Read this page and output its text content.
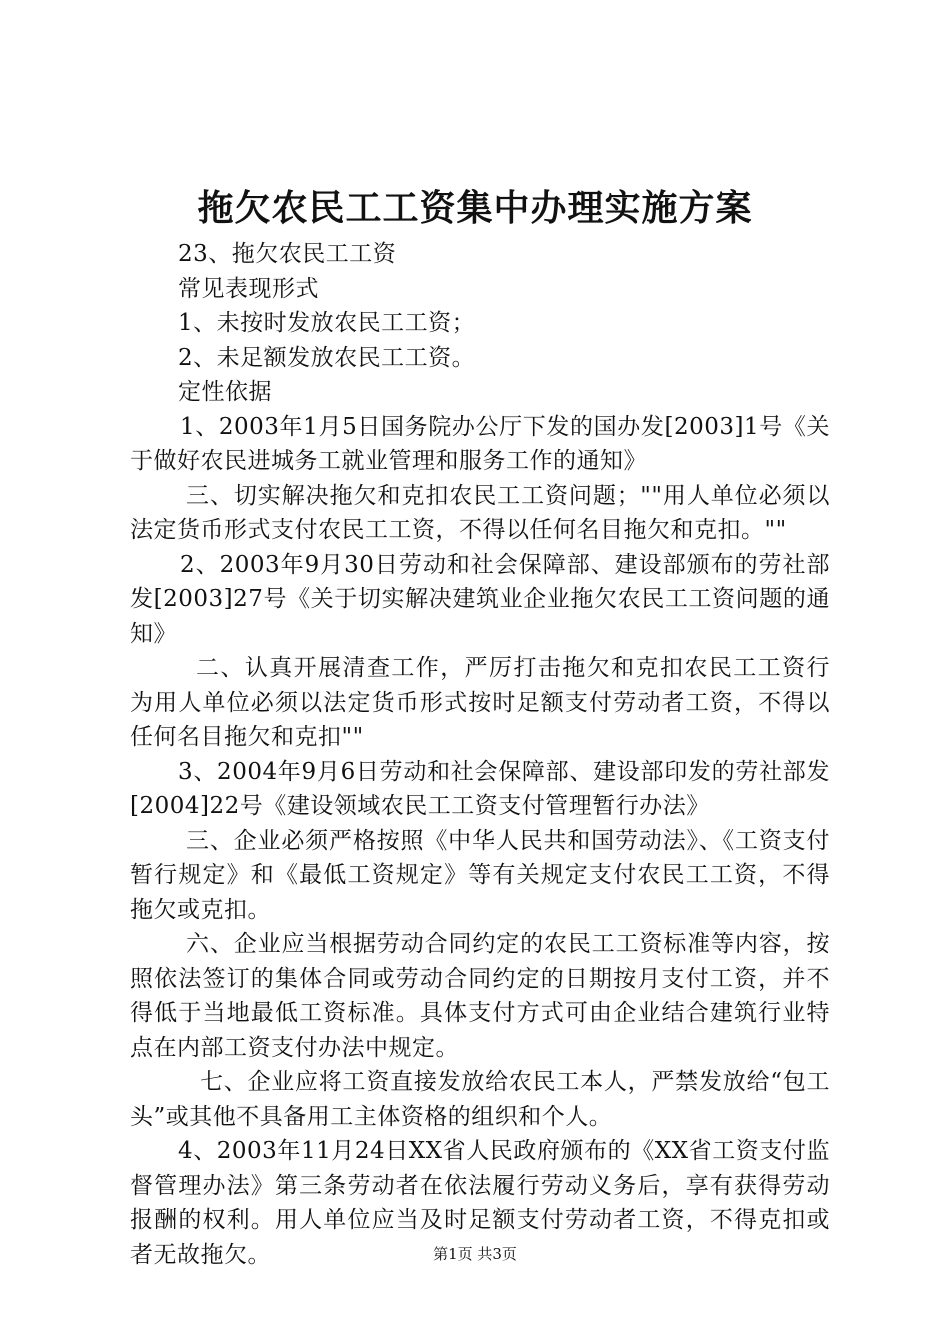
拖欠农民工工资集中办理实施方案

23、拖欠农民工工资

常见表现形式

1、未按时发放农民工工资；

2、未足额发放农民工工资。

定性依据

1、2003年1月5日国务院办公厅下发的国办发[2003]1号《关于做好农民进城务工就业管理和服务工作的通知》

三、切实解决拖欠和克扣农民工工资问题；""用人单位必须以法定货币形式支付农民工工资，不得以任何名目拖欠和克扣。""

2、2003年9月30日劳动和社会保障部、建设部颁布的劳社部发[2003]27号《关于切实解决建筑业企业拖欠农民工工资问题的通知》

二、认真开展清查工作，严厉打击拖欠和克扣农民工工资行为用人单位必须以法定货币形式按时足额支付劳动者工资，不得以任何名目拖欠和克扣""

3、2004年9月6日劳动和社会保障部、建设部印发的劳社部发[2004]22号《建设领域农民工工资支付管理暂行办法》

三、企业必须严格按照《中华人民共和国劳动法》、《工资支付暂行规定》和《最低工资规定》等有关规定支付农民工工资，不得拖欠或克扣。

六、企业应当根据劳动合同约定的农民工工资标准等内容，按照依法签订的集体合同或劳动合同约定的日期按月支付工资，并不得低于当地最低工资标准。具体支付方式可由企业结合建筑行业特点在内部工资支付办法中规定。

七、企业应将工资直接发放给农民工本人，严禁发放给“包工头”或其他不具备用工主体资格的组织和个人。

4、2003年11月24日XX省人民政府颁布的《XX省工资支付监督管理办法》第三条劳动者在依法履行劳动义务后，享有获得劳动报酬的权利。用人单位应当及时足额支付劳动者工资，不得克扣或者无故拖欠。	第1页 共3页
